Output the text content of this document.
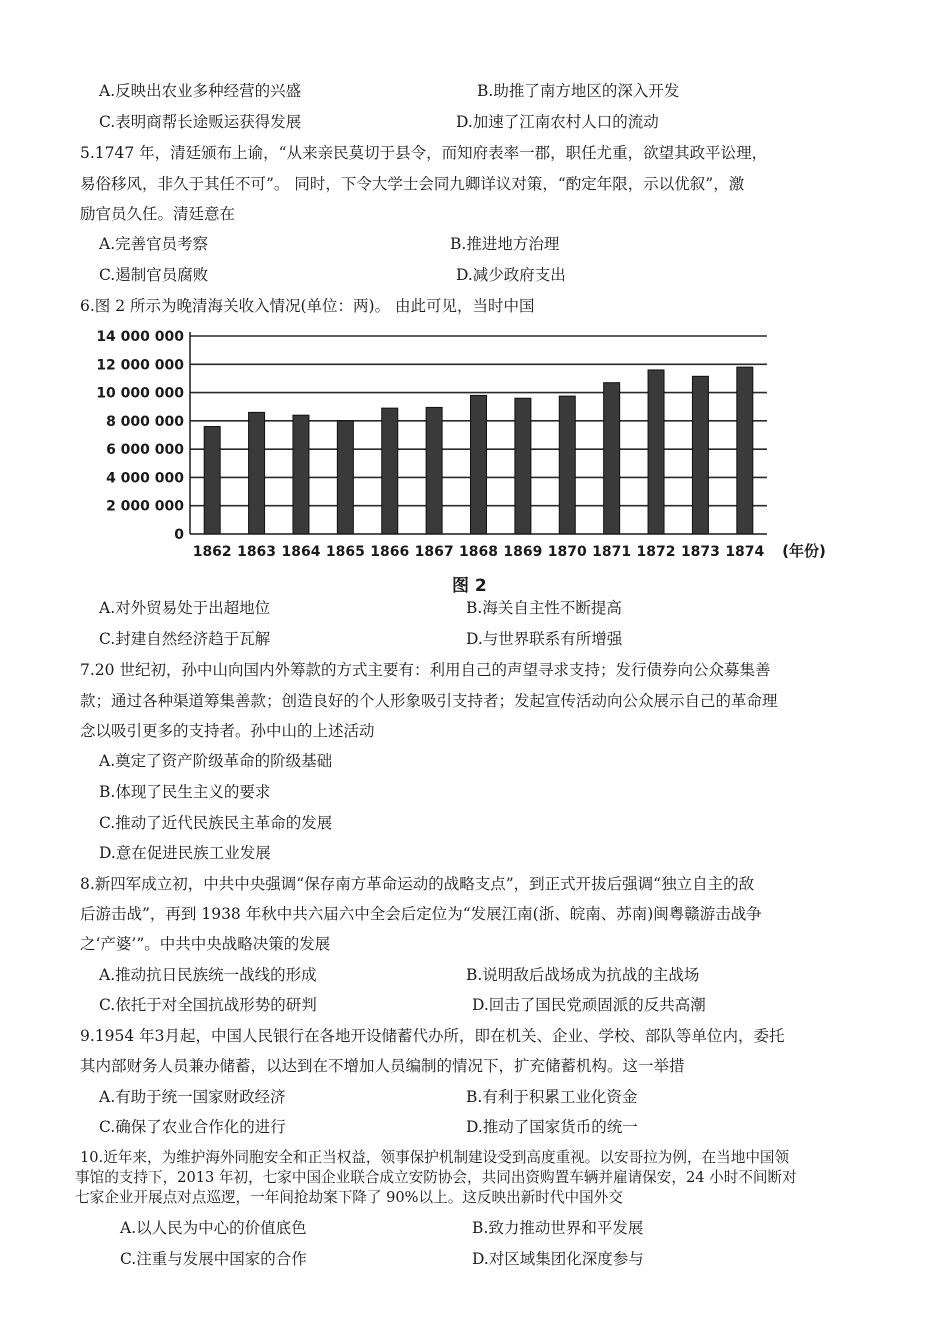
A.反映出农业多种经营的兴盛	B.助推了南方地区的深入开发
C.表明商帮长途贩运获得发展	D.加速了江南农村人口的流动
5.1747 年，清廷颁布上谕，“从来亲民莫切于县令，而知府表率一郡，职任尤重，欲望其政平讼理，
易俗移风，非久于其任不可”。 同时，下令大学士会同九卿详议对策，“酌定年限，示以优叙”，激
励官员久任。清廷意在
A.完善官员考察	B.推进地方治理
C.遏制官员腐败	D.减少政府支出
6.图 2 所示为晚清海关收入情况(单位：两)。 由此可见，当时中国
0
2 000 000
4 000 000
6 000 000
8 000 000
10 000 000
12 000 000
14 000 000
1862 1863 1864 1865 1866 1867 1868 1869 1870 1871 1872 1873 1874 (年份)
图 2
A.对外贸易处于出超地位	B.海关自主性不断提高
C.封建自然经济趋于瓦解	D.与世界联系有所增强
7.20 世纪初，孙中山向国内外筹款的方式主要有：利用自己的声望寻求支持；发行债券向公众募集善
款；通过各种渠道筹集善款；创造良好的个人形象吸引支持者；发起宣传活动向公众展示自己的革命理
念以吸引更多的支持者。孙中山的上述活动
A.奠定了资产阶级革命的阶级基础
B.体现了民生主义的要求
C.推动了近代民族民主革命的发展
D.意在促进民族工业发展
8.新四军成立初，中共中央强调“保存南方革命运动的战略支点”，到正式开拔后强调“独立自主的敌
后游击战”，再到 1938 年秋中共六届六中全会后定位为“发展江南(浙、皖南、苏南)闽粤赣游击战争
之‘产婆’”。中共中央战略决策的发展
A.推动抗日民族统一战线的形成	B.说明敌后战场成为抗战的主战场
C.依托于对全国抗战形势的研判	D.回击了国民党顽固派的反共高潮
9.1954 年3月起，中国人民银行在各地开设储蓄代办所，即在机关、企业、学校、部队等单位内，委托
其内部财务人员兼办储蓄，以达到在不增加人员编制的情况下，扩充储蓄机构。这一举措
A.有助于统一国家财政经济	B.有利于积累工业化资金
C.确保了农业合作化的进行	D.推动了国家货币的统一
10.近年来，为维护海外同胞安全和正当权益，领事保护机制建设受到高度重视。以安哥拉为例，在当地中国领
事馆的支持下，2013 年初，七家中国企业联合成立安防协会，共同出资购置车辆并雇请保安，24 小时不间断对
七家企业开展点对点巡逻，一年间抢劫案下降了 90%以上。这反映出新时代中国外交
A.以人民为中心的价值底色	B.致力推动世界和平发展
C.注重与发展中国家的合作	D.对区域集团化深度参与
